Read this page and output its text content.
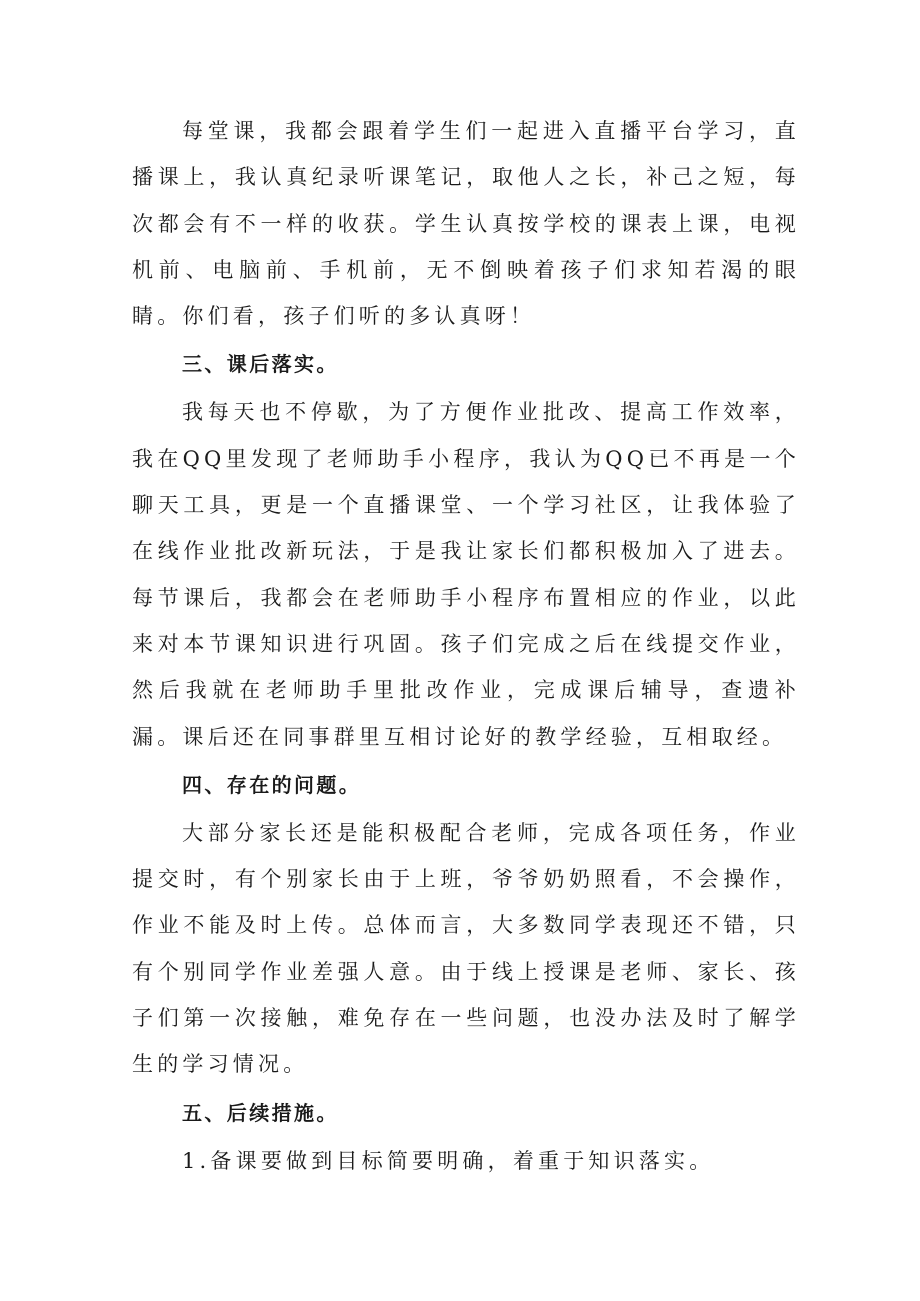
每堂课，我都会跟着学生们一起进入直播平台学习，直播课上，我认真纪录听课笔记，取他人之长，补己之短，每次都会有不一样的收获。学生认真按学校的课表上课，电视机前、电脑前、手机前，无不倒映着孩子们求知若渴的眼睛。你们看，孩子们听的多认真呀！

三、课后落实。

我每天也不停歇，为了方便作业批改、提高工作效率，我在QQ里发现了老师助手小程序，我认为QQ已不再是一个聊天工具，更是一个直播课堂、一个学习社区，让我体验了在线作业批改新玩法，于是我让家长们都积极加入了进去。每节课后，我都会在老师助手小程序布置相应的作业，以此来对本节课知识进行巩固。孩子们完成之后在线提交作业，然后我就在老师助手里批改作业，完成课后辅导，查遗补漏。课后还在同事群里互相讨论好的教学经验，互相取经。

四、存在的问题。

大部分家长还是能积极配合老师，完成各项任务，作业提交时，有个别家长由于上班，爷爷奶奶照看，不会操作，作业不能及时上传。总体而言，大多数同学表现还不错，只有个别同学作业差强人意。由于线上授课是老师、家长、孩子们第一次接触，难免存在一些问题，也没办法及时了解学生的学习情况。

五、后续措施。

1.备课要做到目标简要明确，着重于知识落实。
